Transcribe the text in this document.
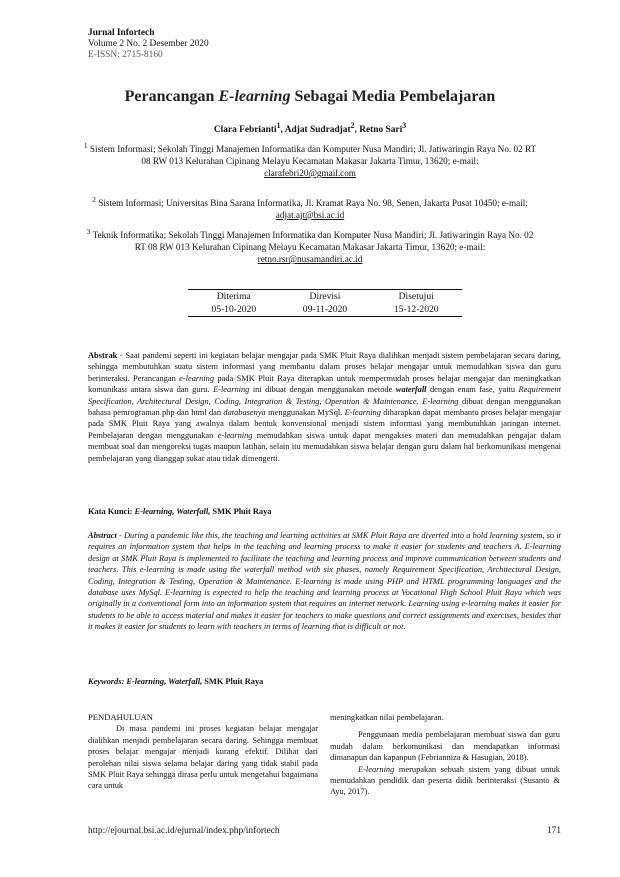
Jurnal Infortech
Volume 2 No. 2 Desember 2020
E-ISSN: 2715-8160
Perancangan E-learning Sebagai Media Pembelajaran
Clara Febrianti$^1$, Adjat Sudradjat$^2$, Retno Sari$^3$
$^1$ Sistem Informasi; Sekolah Tinggi Manajemen Informatika dan Komputer Nusa Mandiri; Jl. Jatiwaringin Raya No. 02 RT 08 RW 013 Kelurahan Cipinang Melayu Kecamatan Makasar Jakarta Timur, 13620; e-mail:
clarafebri20@gmail.com
$^2$ Sistem Informasi; Universitas Bina Sarana Informatika, Jl. Kramat Raya No. 98, Senen, Jakarta Pusat 10450; e-mail: adjat.ajt@bsi.ac.id
$^3$ Teknik Informatika; Sekolah Tinggi Manajemen Informatika dan Komputer Nusa Mandiri; Jl. Jatiwaringin Raya No. 02 RT 08 RW 013 Kelurahan Cipinang Melayu Kecamatan Makasar Jakarta Timur, 13620; e-mail:
retno.rsr@nusamandiri.ac.id
Diterima	Direvisi	Disetujui
05-10-2020	09-11-2020	15-12-2020
Abstrak - Saat pandemi seperti ini kegiatan belajar mengajar pada SMK Pluit Raya dialihkan menjadi sistem pembelajaran secara daring, sehingga membutuhkan suatu sistem informasi yang membantu dalam proses belajar mengajar untuk memudahkan siswa dan guru berinteraksi. Perancangan e-learning pada SMK Pluit Raya diterapkan untuk mempermudah proses belajar mengajar dan meningkatkan komunikasi antara siswa dan guru. E-learning ini dibuat dengan menggunakan metode waterfall dengan enam fase, yaitu Requirement Specification, Architectural Design, Coding, Integration & Testing, Operation & Maintenance. E-learning dibuat dengan menggunakan bahasa pemrograman php dan html dan databasenya menggunakan MySql. E-learning diharapkan dapat membantu proses belajar mengajar pada SMK Pluit Raya yang awalnya dalam bentuk konvensional menjadi sistem informasi yang membutuhkan jaringan internet. Pembelajaran dengan menggunakan e-learning memudahkan siswa untuk dapat mengakses materi dan memudahkan pengajar dalam membuat soal dan mengoreksi tugas maupun latihan, selain itu memudahkan siswa belajar dengan guru dalam hal berkomunikasi mengenai pembelajaran yang dianggap sukar atau tidak dimengerti.
Kata Kunci: E-learning, Waterfall, SMK Pluit Raya
Abstract - During a pandemic like this, the teaching and learning activities at SMK Pluit Raya are diverted into a bold learning system, so it requires an information system that helps in the teaching and learning process to make it easier for students and teachers A. E-learning design at SMK Pluit Raya is implemented to facilitate the teaching and learning process and improve communication between students and teachers. This e-learning is made using the waterfall method with six phases, namely Requirement Specification, Architectural Design, Coding, Integration & Testing, Operation & Maintenance. E-learning is made using PHP and HTML programming languages and the database uses MySql. E-learning is expected to help the teaching and learning process at Vocational High School Pluit Raya which was originally in a conventional form into an information system that requires an internet network. Learning using e-learning makes it easier for students to be able to access material and makes it easier for teachers to make questions and correct assignments and exercises, besides that it makes it easier for students to learn with teachers in terms of learning that is difficult or not.
Keywords: E-learning, Waterfall, SMK Pluit Raya

PENDAHULUAN

Di masa pandemi ini proses kegiatan belajar mengajar dialihkan menjadi pembelajaran secara daring. Sehingga membuat proses belajar mengajar menjadi kurang efektif. Dilihat dari perolehan nilai siswa selama belajar daring yang tidak stabil pada SMK Pluit Raya sehingga dirasa perlu untuk mengetahui bagaimana cara untuk

meningkatkan nilai pembelajaran.

Penggunaan media pembelajaran membuat siswa dan guru mudah dalam berkomunikasi dan mendapatkan informasi dimanapun dan kapanpun (Febrianniza & Hasugian, 2018).

E-learning merupakan sebuah sistem yang dibuat untuk memudahkan pendidik dan peserta didik berinteraksi (Susanto & Ayu, 2017).

http://ejournal.bsi.ac.id/ejurnal/index.php/infortech	171
